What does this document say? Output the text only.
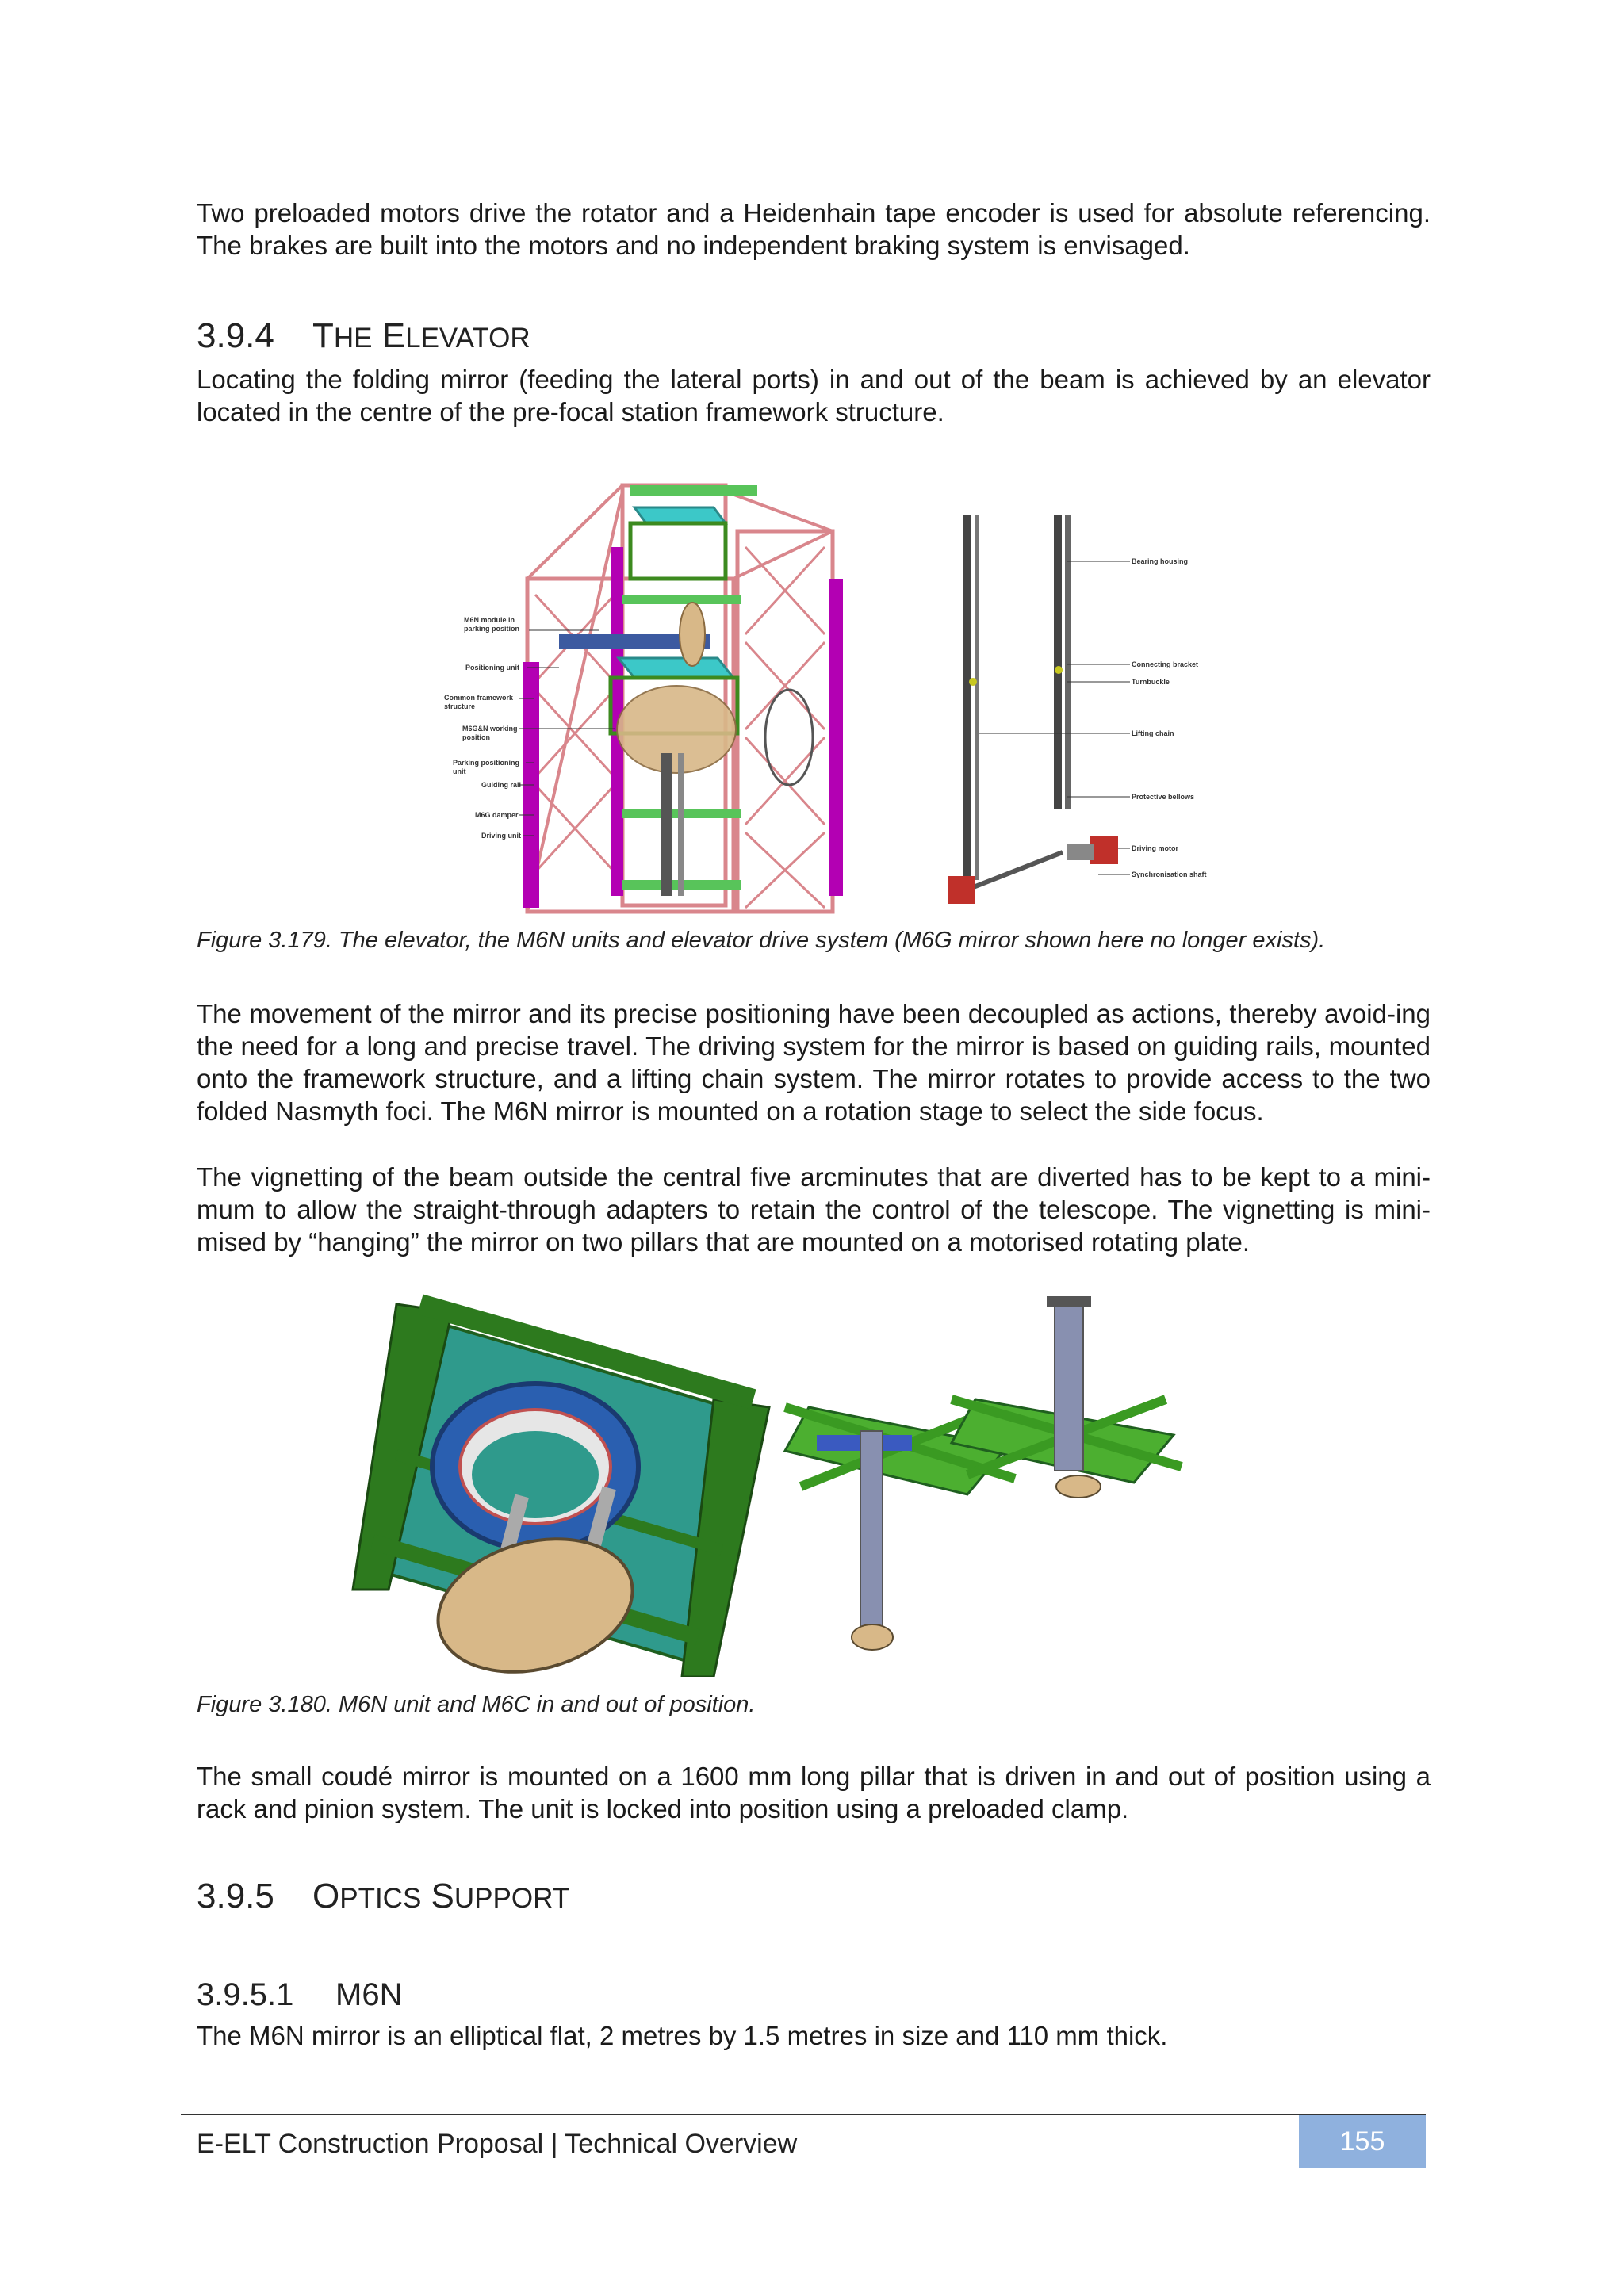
Two preloaded motors drive the rotator and a Heidenhain tape encoder is used for absolute referencing. The brakes are built into the motors and no independent braking system is envisaged.

3.9.4 THE ELEVATOR

Locating the folding mirror (feeding the lateral ports) in and out of the beam is achieved by an elevator located in the centre of the pre-focal station framework structure.

M6N module in
parking position
Positioning unit
Common framework
structure
M6G&N working
position
Parking positioning
unit
Guiding rail
M6G damper
Driving unit
Bearing housing
Connecting bracket
Turnbuckle
Lifting chain
Protective bellows
Driving motor
Synchronisation shaft

Figure 3.179. The elevator, the M6N units and elevator drive system (M6G mirror shown here no longer exists).

The movement of the mirror and its precise positioning have been decoupled as actions, thereby avoid-ing the need for a long and precise travel. The driving system for the mirror is based on guiding rails, mounted onto the framework structure, and a lifting chain system. The mirror rotates to provide access to the two folded Nasmyth foci. The M6N mirror is mounted on a rotation stage to select the side focus.

The vignetting of the beam outside the central five arcminutes that are diverted has to be kept to a mini-mum to allow the straight-through adapters to retain the control of the telescope. The vignetting is mini-mised by “hanging” the mirror on two pillars that are mounted on a motorised rotating plate.

Figure 3.180. M6N unit and M6C in and out of position.

The small coudé mirror is mounted on a 1600 mm long pillar that is driven in and out of position using a rack and pinion system. The unit is locked into position using a preloaded clamp.

3.9.5 OPTICS SUPPORT
3.9.5.1 M6N

The M6N mirror is an elliptical flat, 2 metres by 1.5 metres in size and 110 mm thick.

E-ELT Construction Proposal | Technical Overview	155
